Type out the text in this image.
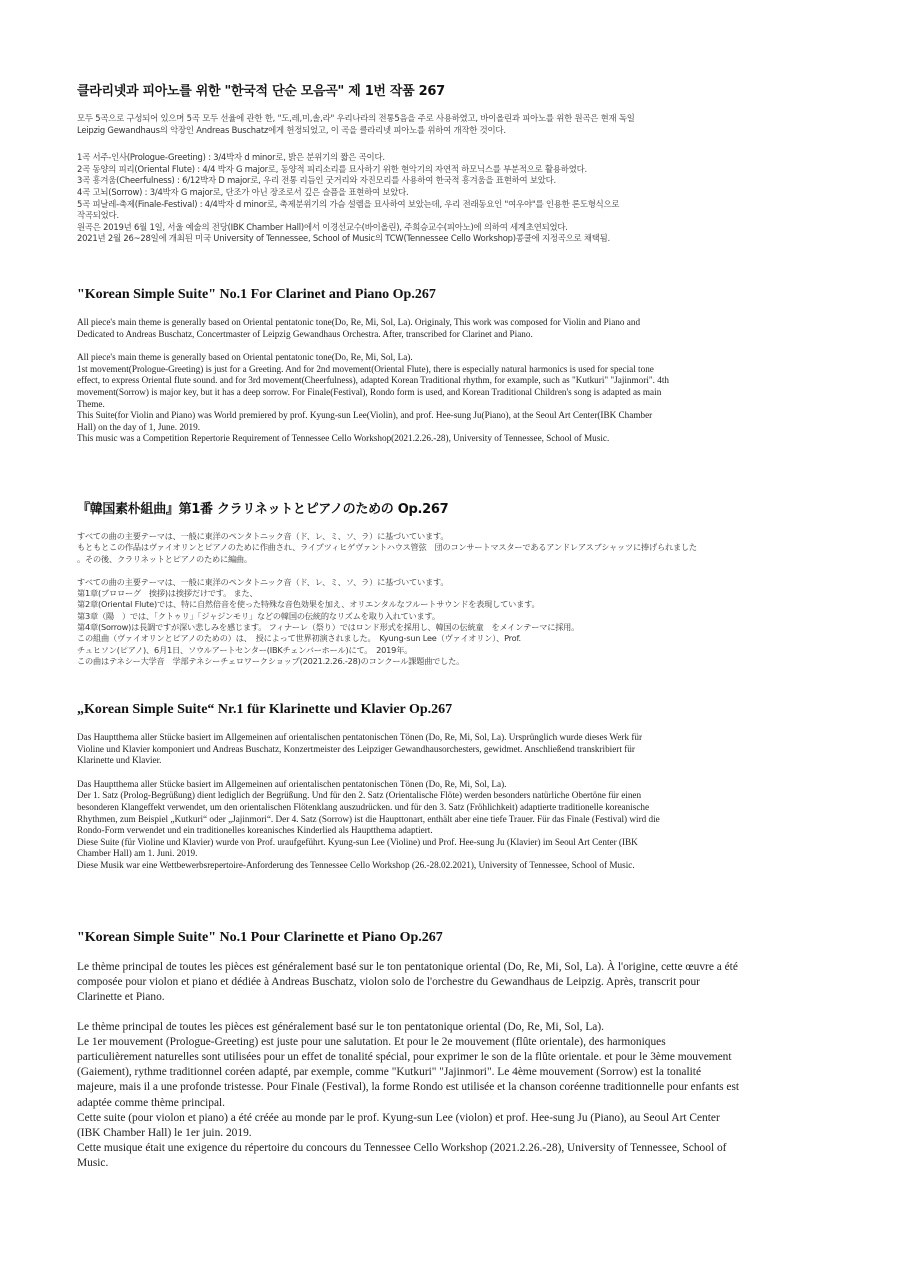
클라리넷과 피아노를 위한 "한국적 단순 모음곡" 제 1번 작품 267
모두 5곡으로 구성되어 있으며 5곡 모두 선율에 관한 한, "도,레,미,솔,라" 우리나라의 전통5음을 주로 사용하였고, 바이올린과 피아노를 위한 원곡은 현재 독일
Leipzig Gewandhaus의 악장인 Andreas Buschatz에게 헌정되었고, 이 곡을 클라리넷 피아노를 위하여 개작한 것이다.
1곡 서주-인사(Prologue-Greeting) : 3/4박자 d minor로, 밝은 분위기의 짧은 곡이다.
2곡 동양의 피리(Oriental Flute) : 4/4 박자 G major로, 동양적 피리소리를 묘사하기 위한 현악기의 자연적 하모닉스를 부분적으로 활용하였다.
3곡 흥겨움(Cheerfulness) : 6/12박자 D major로, 우리 전통 리듬인 굿거리와 자진모리를 사용하여 한국적 흥겨움을 표현하여 보았다.
4곡 고뇌(Sorrow) : 3/4박자 G major로, 단조가 아닌 장조로서 깊은 슬픔을 표현하여 보았다.
5곡 피날레-축제(Finale-Festival) : 4/4박자 d minor로, 축제분위기의 가슴 설렘을 묘사하여 보았는데, 우리 전래동요인 "여우야"를 인용한 론도형식으로
작곡되었다.
원곡은 2019년 6월 1일, 서울 예술의 전당(IBK Chamber Hall)에서 이경선교수(바이올린), 주희승교수(피아노)에 의하여 세계초연되었다.
2021년 2월 26~28일에 개최된 미국 University of Tennessee, School of Music의 TCW(Tennessee Cello Workshop)콩쿨에 지정곡으로 채택됨.
"Korean Simple Suite" No.1 For Clarinet and Piano Op.267
All piece's main theme is generally based on Oriental pentatonic tone(Do, Re, Mi, Sol, La). Originaly, This work was composed for Violin and Piano and
Dedicated to Andreas Buschatz, Concertmaster of Leipzig Gewandhaus Orchestra. After, transcribed for Clarinet and Piano.
All piece's main theme is generally based on Oriental pentatonic tone(Do, Re, Mi, Sol, La).
1st movement(Prologue-Greeting) is just for a Greeting. And for 2nd movement(Oriental Flute), there is especially natural harmonics is used for special tone
effect, to express Oriental flute sound. and for 3rd movement(Cheerfulness), adapted Korean Traditional rhythm, for example, such as "Kutkuri" "Jajinmori". 4th
movement(Sorrow) is major key, but it has a deep sorrow. For Finale(Festival), Rondo form is used, and Korean Traditional Children's song is adapted as main
Theme.
This Suite(for Violin and Piano) was World premiered by prof. Kyung-sun Lee(Violin), and prof. Hee-sung Ju(Piano), at the Seoul Art Center(IBK Chamber
Hall) on the day of 1, June. 2019.
This music was a Competition Repertorie Requirement of Tennessee Cello Workshop(2021.2.26.-28), University of Tennessee, School of Music.
『韓国素朴組曲』第1番 クラリネットとピアノのための Op.267
すべての曲の主要テーマは、一般に東洋のペンタトニック音（ド、レ、ミ、ソ、ラ）に基づいています。
もともとこの作品はヴァイオリンとピアノのために作曲され、ライプツィヒゲヴァントハウス管弦　団のコンサートマスターであるアンドレアスブシャッツに捧げられました
。その後、クラリネットとピアノのために編曲。
すべての曲の主要テーマは、一般に東洋のペンタトニック音（ド、レ、ミ、ソ、ラ）に基づいています。
第1章(プロローグ　挨拶)は挨拶だけです。 また、
第2章(Oriental Flute)では、特に自然倍音を使った特殊な音色効果を加え、オリエンタルなフルートサウンドを表現しています。
第3章（陽　）では、「クトゥリ」「ジャジンモリ」などの韓国の伝統的なリズムを取り入れています。
第4章(Sorrow)は長調ですが深い悲しみを感じます。 フィナーレ（祭り）ではロンド形式を採用し、韓国の伝統童　をメインテーマに採用。
この組曲（ヴァイオリンとピアノのための）は、　授によって世界初演されました。　Kyung-sun Lee（ヴァイオリン）、Prof.
チュヒソン(ピアノ)、6月1日、ソウルアートセンター(IBKチェンバーホール)にて。　2019年。
この曲はテネシー大学音　学部テネシーチェロワークショップ(2021.2.26.-28)のコンクール課題曲でした。
„Korean Simple Suite“ Nr.1 für Klarinette und Klavier Op.267
Das Hauptthema aller Stücke basiert im Allgemeinen auf orientalischen pentatonischen Tönen (Do, Re, Mi, Sol, La). Ursprünglich wurde dieses Werk für
Violine und Klavier komponiert und Andreas Buschatz, Konzertmeister des Leipziger Gewandhausorchesters, gewidmet. Anschließend transkribiert für
Klarinette und Klavier.
Das Hauptthema aller Stücke basiert im Allgemeinen auf orientalischen pentatonischen Tönen (Do, Re, Mi, Sol, La).
Der 1. Satz (Prolog-Begrüßung) dient lediglich der Begrüßung. Und für den 2. Satz (Orientalische Flöte) werden besonders natürliche Obertöne für einen
besonderen Klangeffekt verwendet, um den orientalischen Flötenklang auszudrücken. und für den 3. Satz (Fröhlichkeit) adaptierte traditionelle koreanische
Rhythmen, zum Beispiel „Kutkuri“ oder „Jajinmori“. Der 4. Satz (Sorrow) ist die Haupttonart, enthält aber eine tiefe Trauer. Für das Finale (Festival) wird die
Rondo-Form verwendet und ein traditionelles koreanisches Kinderlied als Hauptthema adaptiert.
Diese Suite (für Violine und Klavier) wurde von Prof. uraufgeführt. Kyung-sun Lee (Violine) und Prof. Hee-sung Ju (Klavier) im Seoul Art Center (IBK
Chamber Hall) am 1. Juni. 2019.
Diese Musik war eine Wettbewerbsrepertoire-Anforderung des Tennessee Cello Workshop (26.-28.02.2021), University of Tennessee, School of Music.
"Korean Simple Suite" No.1 Pour Clarinette et Piano Op.267
Le thème principal de toutes les pièces est généralement basé sur le ton pentatonique oriental (Do, Re, Mi, Sol, La). À l'origine, cette œuvre a été
composée pour violon et piano et dédiée à Andreas Buschatz, violon solo de l'orchestre du Gewandhaus de Leipzig. Après, transcrit pour
Clarinette et Piano.
Le thème principal de toutes les pièces est généralement basé sur le ton pentatonique oriental (Do, Re, Mi, Sol, La).
Le 1er mouvement (Prologue-Greeting) est juste pour une salutation. Et pour le 2e mouvement (flûte orientale), des harmoniques
particulièrement naturelles sont utilisées pour un effet de tonalité spécial, pour exprimer le son de la flûte orientale. et pour le 3ème mouvement
(Gaiement), rythme traditionnel coréen adapté, par exemple, comme "Kutkuri" "Jajinmori". Le 4ème mouvement (Sorrow) est la tonalité
majeure, mais il a une profonde tristesse. Pour Finale (Festival), la forme Rondo est utilisée et la chanson coréenne traditionnelle pour enfants est
adaptée comme thème principal.
Cette suite (pour violon et piano) a été créée au monde par le prof. Kyung-sun Lee (violon) et prof. Hee-sung Ju (Piano), au Seoul Art Center
(IBK Chamber Hall) le 1er juin. 2019.
Cette musique était une exigence du répertoire du concours du Tennessee Cello Workshop (2021.2.26.-28), University of Tennessee, School of
Music.
